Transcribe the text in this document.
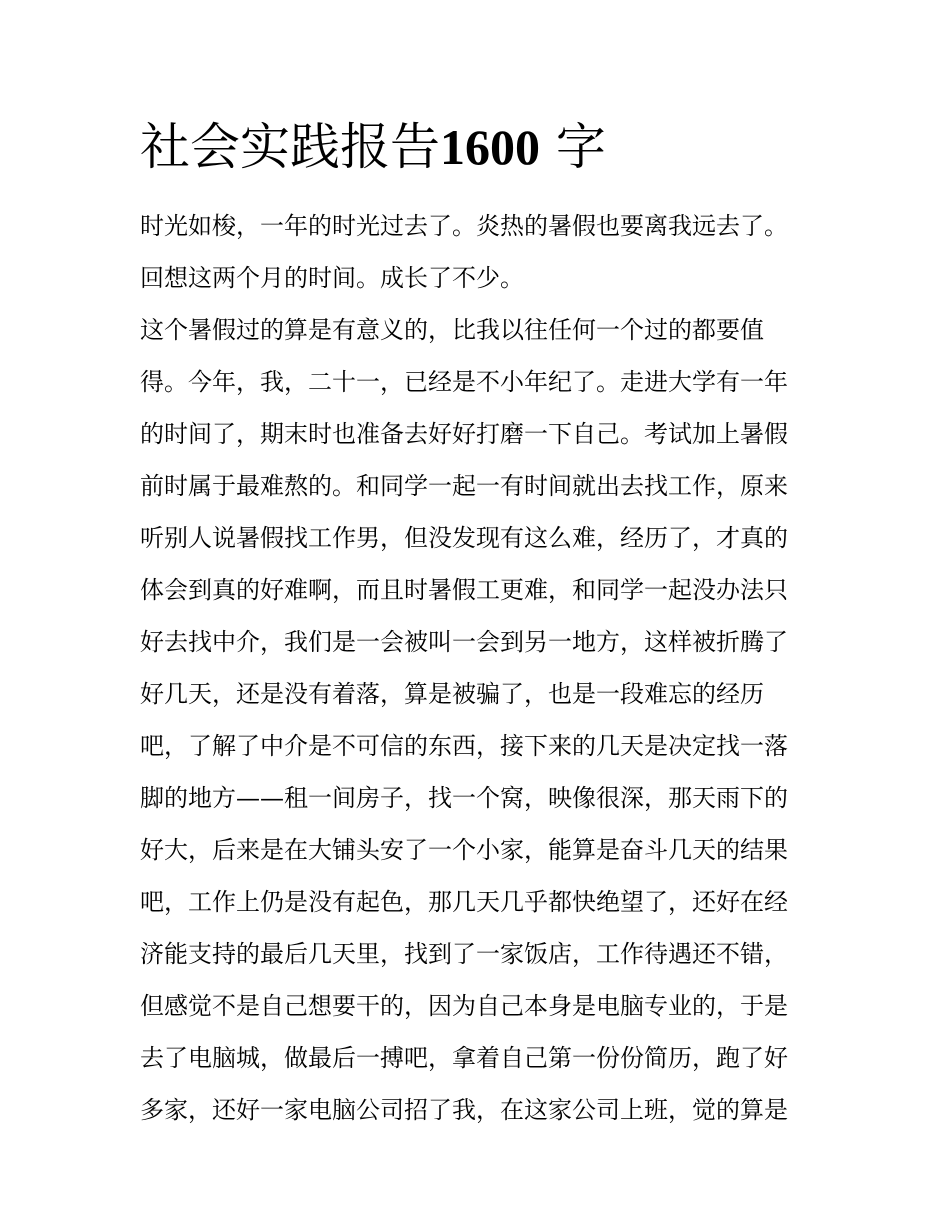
社会实践报告1600 字
时光如梭，一年的时光过去了。炎热的暑假也要离我远去了。
回想这两个月的时间。成长了不少。
这个暑假过的算是有意义的，比我以往任何一个过的都要值
得。今年，我，二十一，已经是不小年纪了。走进大学有一年
的时间了，期末时也准备去好好打磨一下自己。考试加上暑假
前时属于最难熬的。和同学一起一有时间就出去找工作，原来
听别人说暑假找工作男，但没发现有这么难，经历了，才真的
体会到真的好难啊，而且时暑假工更难，和同学一起没办法只
好去找中介，我们是一会被叫一会到另一地方，这样被折腾了
好几天，还是没有着落，算是被骗了，也是一段难忘的经历
吧，了解了中介是不可信的东西，接下来的几天是决定找一落
脚的地方——租一间房子，找一个窝，映像很深，那天雨下的
好大，后来是在大铺头安了一个小家，能算是奋斗几天的结果
吧，工作上仍是没有起色，那几天几乎都快绝望了，还好在经
济能支持的最后几天里，找到了一家饭店，工作待遇还不错，
但感觉不是自己想要干的，因为自己本身是电脑专业的，于是
去了电脑城，做最后一搏吧，拿着自己第一份份简历，跑了好
多家，还好一家电脑公司招了我，在这家公司上班，觉的算是
